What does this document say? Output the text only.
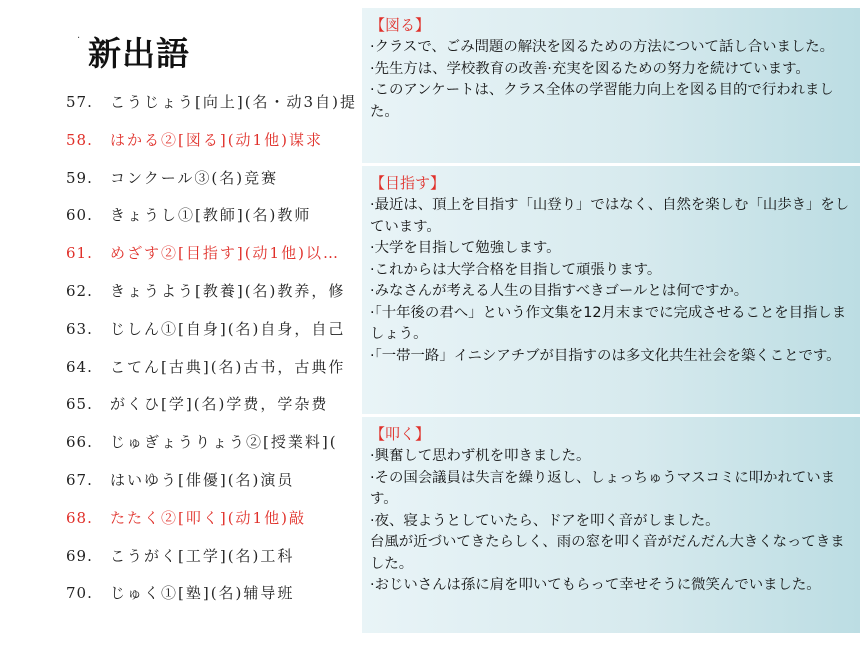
· 新出語
57. こうじょう[向上](名・动3自)提
58. はかる②[図る](动1他)谋求
59. コンクール③(名)竞赛
60. きょうし①[教師](名)教师
61. めざす②[目指す](动1他)以…
62. きょうよう[教養](名)教养，修
63. じしん①[自身](名)自身，自己
64. こてん[古典](名)古书，古典作
65. がくひ[学](名)学费，学杂费
66. じゅぎょうりょう②[授業料](
67. はいゆう[俳優](名)演员
68. たたく②[叩く](动1他)敲
69. こうがく[工学](名)工科
70. じゅく①[塾](名)辅导班
【図る】
·クラスで、ごみ問題の解決を図るための方法について話し合いました。
·先生方は、学校教育の改善·充実を図るための努力を続けています。
·このアンケートは、クラス全体の学習能力向上を図る目的で行われました。
【目指す】
·最近は、頂上を目指す「山登り」ではなく、自然を楽しむ「山歩き」をしています。
·大学を目指して勉強します。
·これからは大学合格を目指して頑張ります。
·みなさんが考える人生の目指すべきゴールとは何ですか。
·「十年後の君へ」という作文集を12月末までに完成させることを目指しましょう。
·「一帯一路」イニシアチブが目指すのは多文化共生社会を築くことです。
【叩く】
·興奮して思わず机を叩きました。
·その国会議員は失言を繰り返し、しょっちゅうマスコミに叩かれています。
·夜、寝ようとしていたら、ドアを叩く音がしました。
台風が近づいてきたらしく、雨の窓を叩く音がだんだん大きくなってきました。
·おじいさんは孫に肩を叩いてもらって幸せそうに微笑んでいました。
